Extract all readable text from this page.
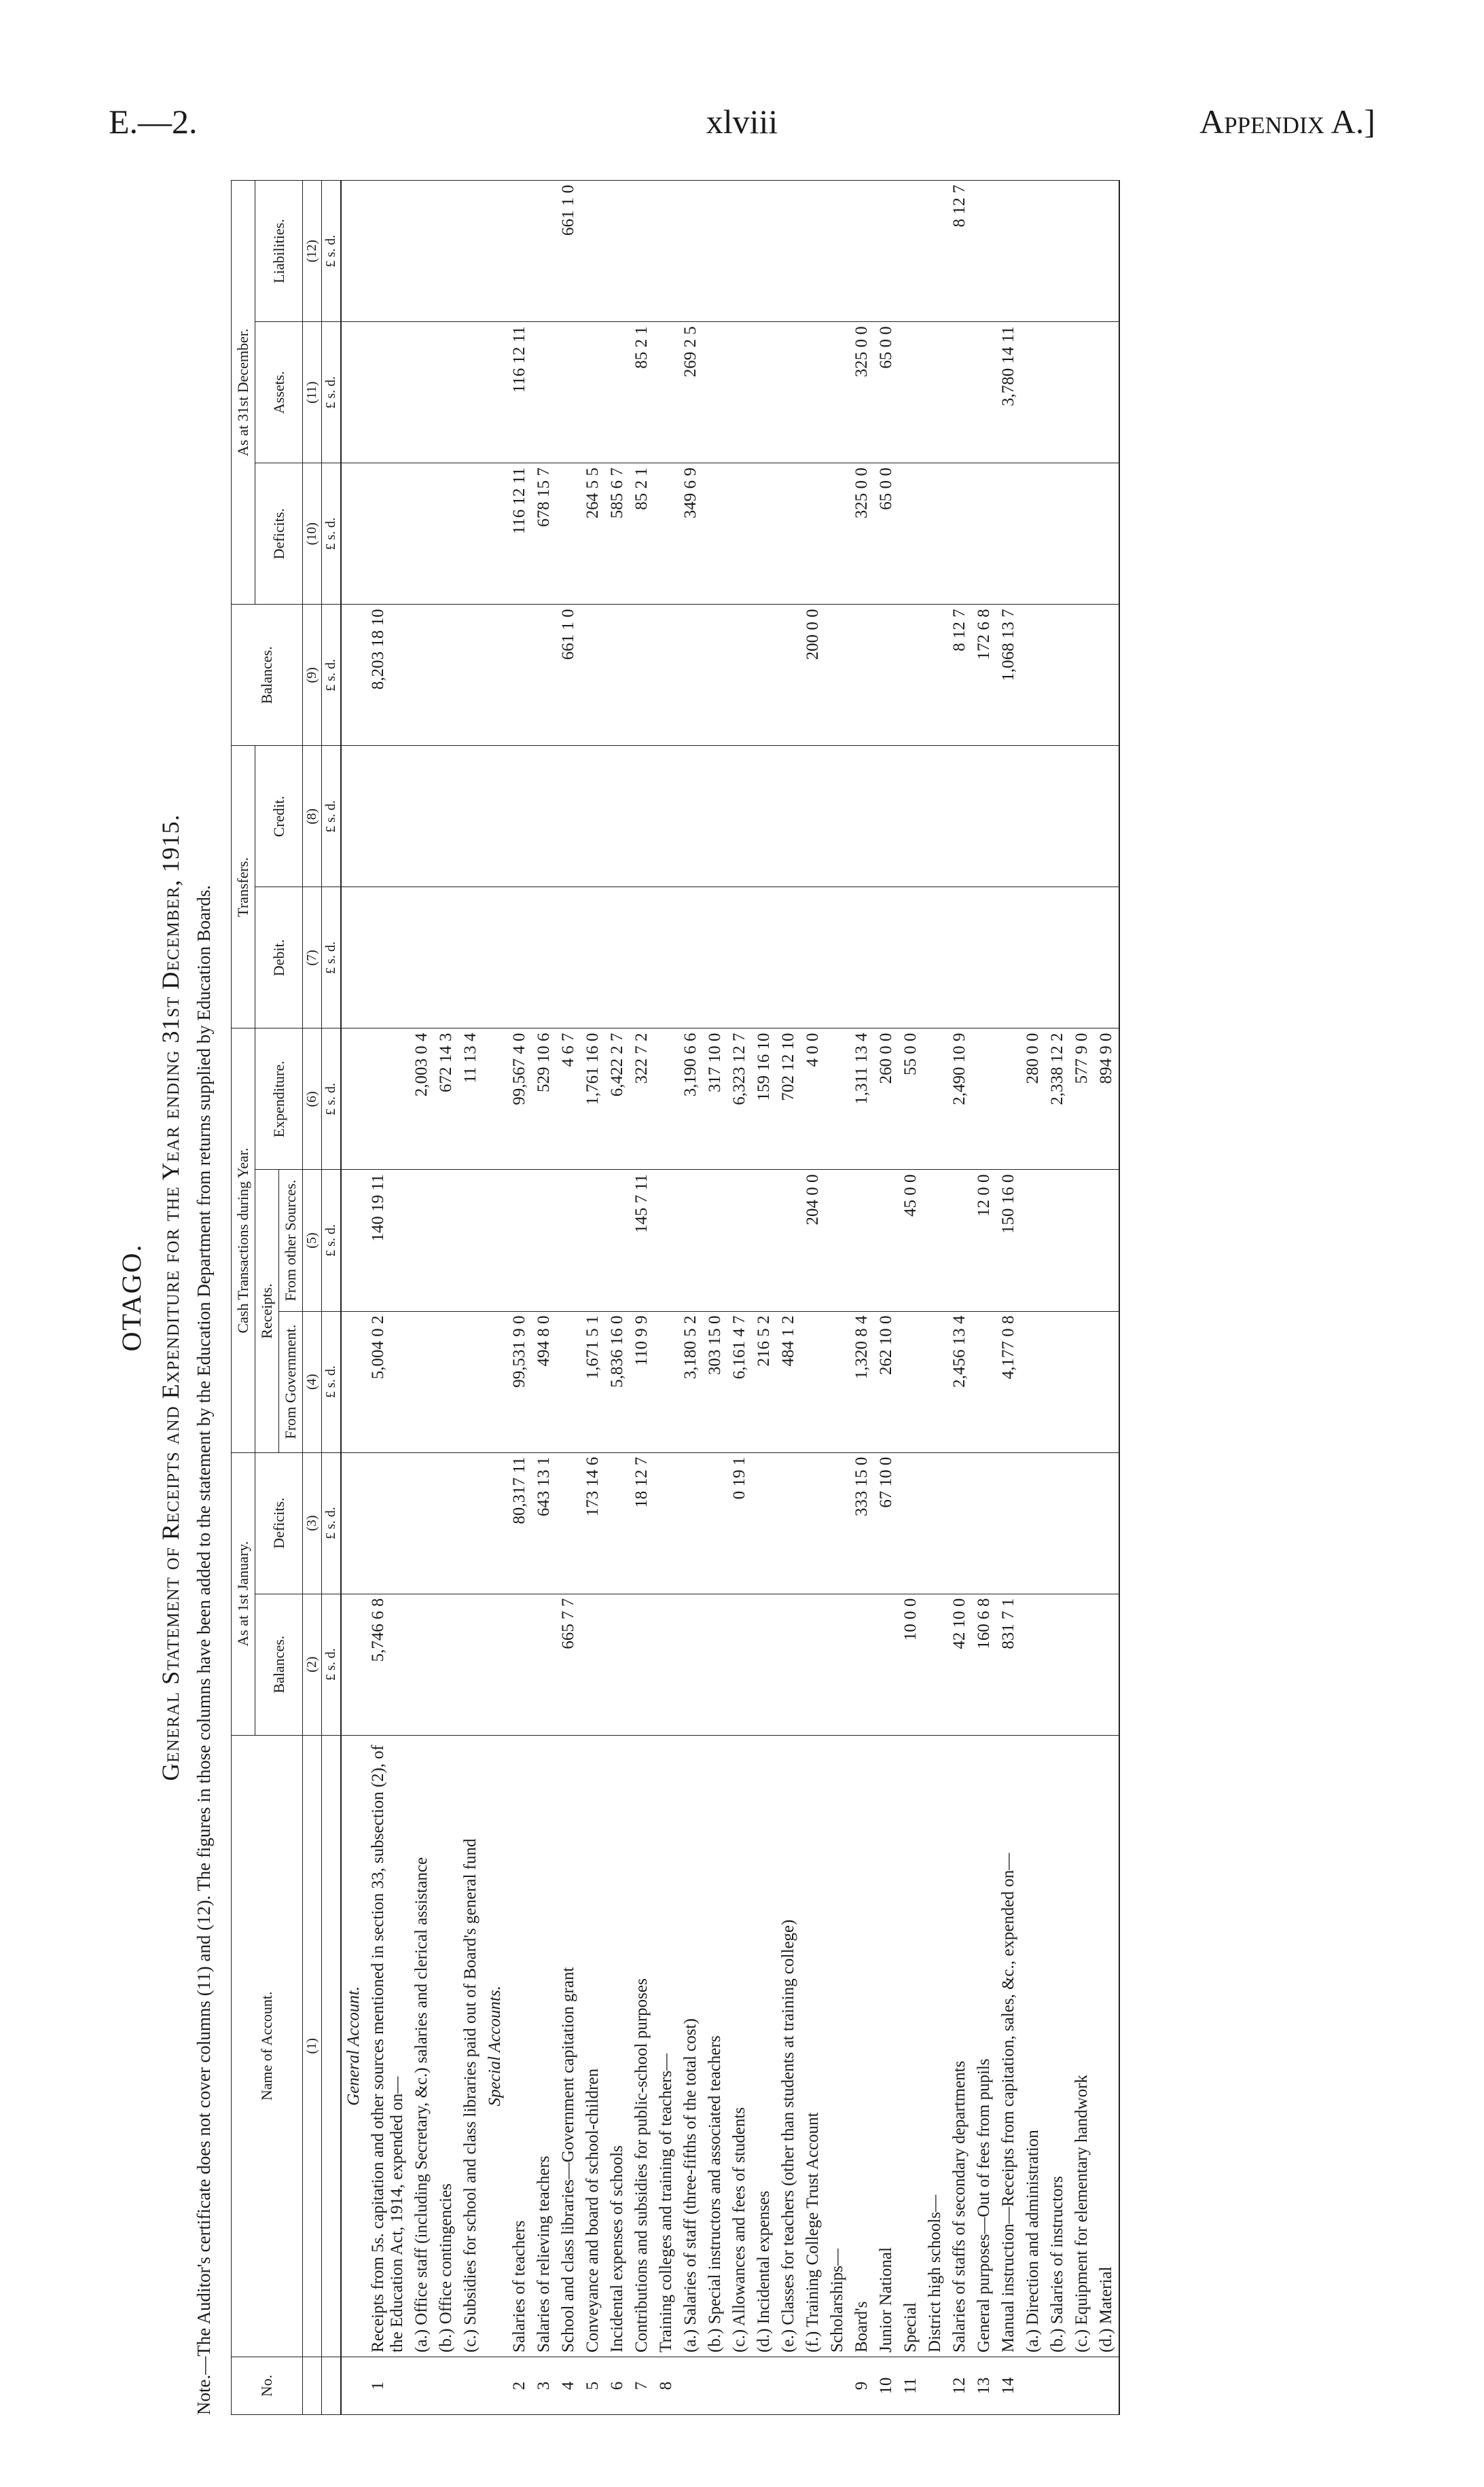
E.—2.	xlviii	Appendix A.]
OTAGO. General Statement of Receipts and Expenditure for the Year ending 31st December, 1915. Note.—The Auditor's certificate does not cover columns (11) and (12). The figures in those columns have been added to the statement by the Education Department from returns supplied by Education Boards.	No.	Name of Account.	As at 1st January.		Cash Transactions during Year.			Transfers.		Balances.	As at 31st December.		
		Balances.	Deficits.	Receipts.		Expenditure.	Debit.	Credit.		Deficits.	Assets.	Liabilities.
				From Government.	From other Sources.							
	(1)	(2)	(3)	(4)	(5)	(6)	(7)	(8)	(9)	(10)	(11)	(12)
		£ s. d.	£ s. d.	£ s. d.	£ s. d.	£ s. d.	£ s. d.	£ s. d.	£ s. d.	£ s. d.	£ s. d.	£ s. d.
	General Account.											
1	Receipts from 5s. capitation and other sources mentioned in section 33, subsection (2), of the Education Act, 1914, expended on—	5,746 6 8		5,004 0 2	140 19 11				8,203 18 10			
	(a.) Office staff (including Secretary, &c.) salaries and clerical assistance					2,003 0 4						
	(b.) Office contingencies					672 14 3						
	(c.) Subsidies for school and class libraries paid out of Board's general fund					11 13 4						
	Special Accounts.											
2	Salaries of teachers		80,317 11	99,531 9 0		99,567 4 0				116 12 11	116 12 11	
3	Salaries of relieving teachers		643 13 1	494 8 0		529 10 6				678 15 7		
4	School and class libraries—Government capitation grant	665 7 7				4 6 7			661 1 0			661 1 0
5	Conveyance and board of school-children		173 14 6	1,671 5 1		1,761 16 0				264 5 5		
6	Incidental expenses of schools			5,836 16 0		6,422 2 7				585 6 7		
7	Contributions and subsidies for public-school purposes		18 12 7	110 9 9	145 7 11	322 7 2				85 2 1	85 2 1	
8	Training colleges and training of teachers—											
	(a.) Salaries of staff (three-fifths of the total cost)			3,180 5 2		3,190 6 6				349 6 9	269 2 5	
	(b.) Special instructors and associated teachers			303 15 0		317 10 0						
	(c.) Allowances and fees of students		0 19 1	6,161 4 7		6,323 12 7						
	(d.) Incidental expenses			216 5 2		159 16 10						
	(e.) Classes for teachers (other than students at training college)			484 1 2		702 12 10						
	(f.) Training College Trust Account				204 0 0	4 0 0			200 0 0			
	Scholarships—											
9	Board's		333 15 0	1,320 8 4		1,311 13 4				325 0 0	325 0 0	
10	Junior National		67 10 0	262 10 0		260 0 0				65 0 0	65 0 0	
11	Special	10 0 0			45 0 0	55 0 0						
	District high schools—											
12	Salaries of staffs of secondary departments	42 10 0		2,456 13 4		2,490 10 9			8 12 7			8 12 7
13	General purposes—Out of fees from pupils	160 6 8			12 0 0				172 6 8			
14	Manual instruction—Receipts from capitation, sales, &c., expended on—	831 7 1		4,177 0 8	150 16 0				1,068 13 7		3,780 14 11	
	(a.) Direction and administration					280 0 0						
	(b.) Salaries of instructors					2,338 12 2						
	(c.) Equipment for elementary handwork					577 9 0						
	(d.) Material					894 9 0						
